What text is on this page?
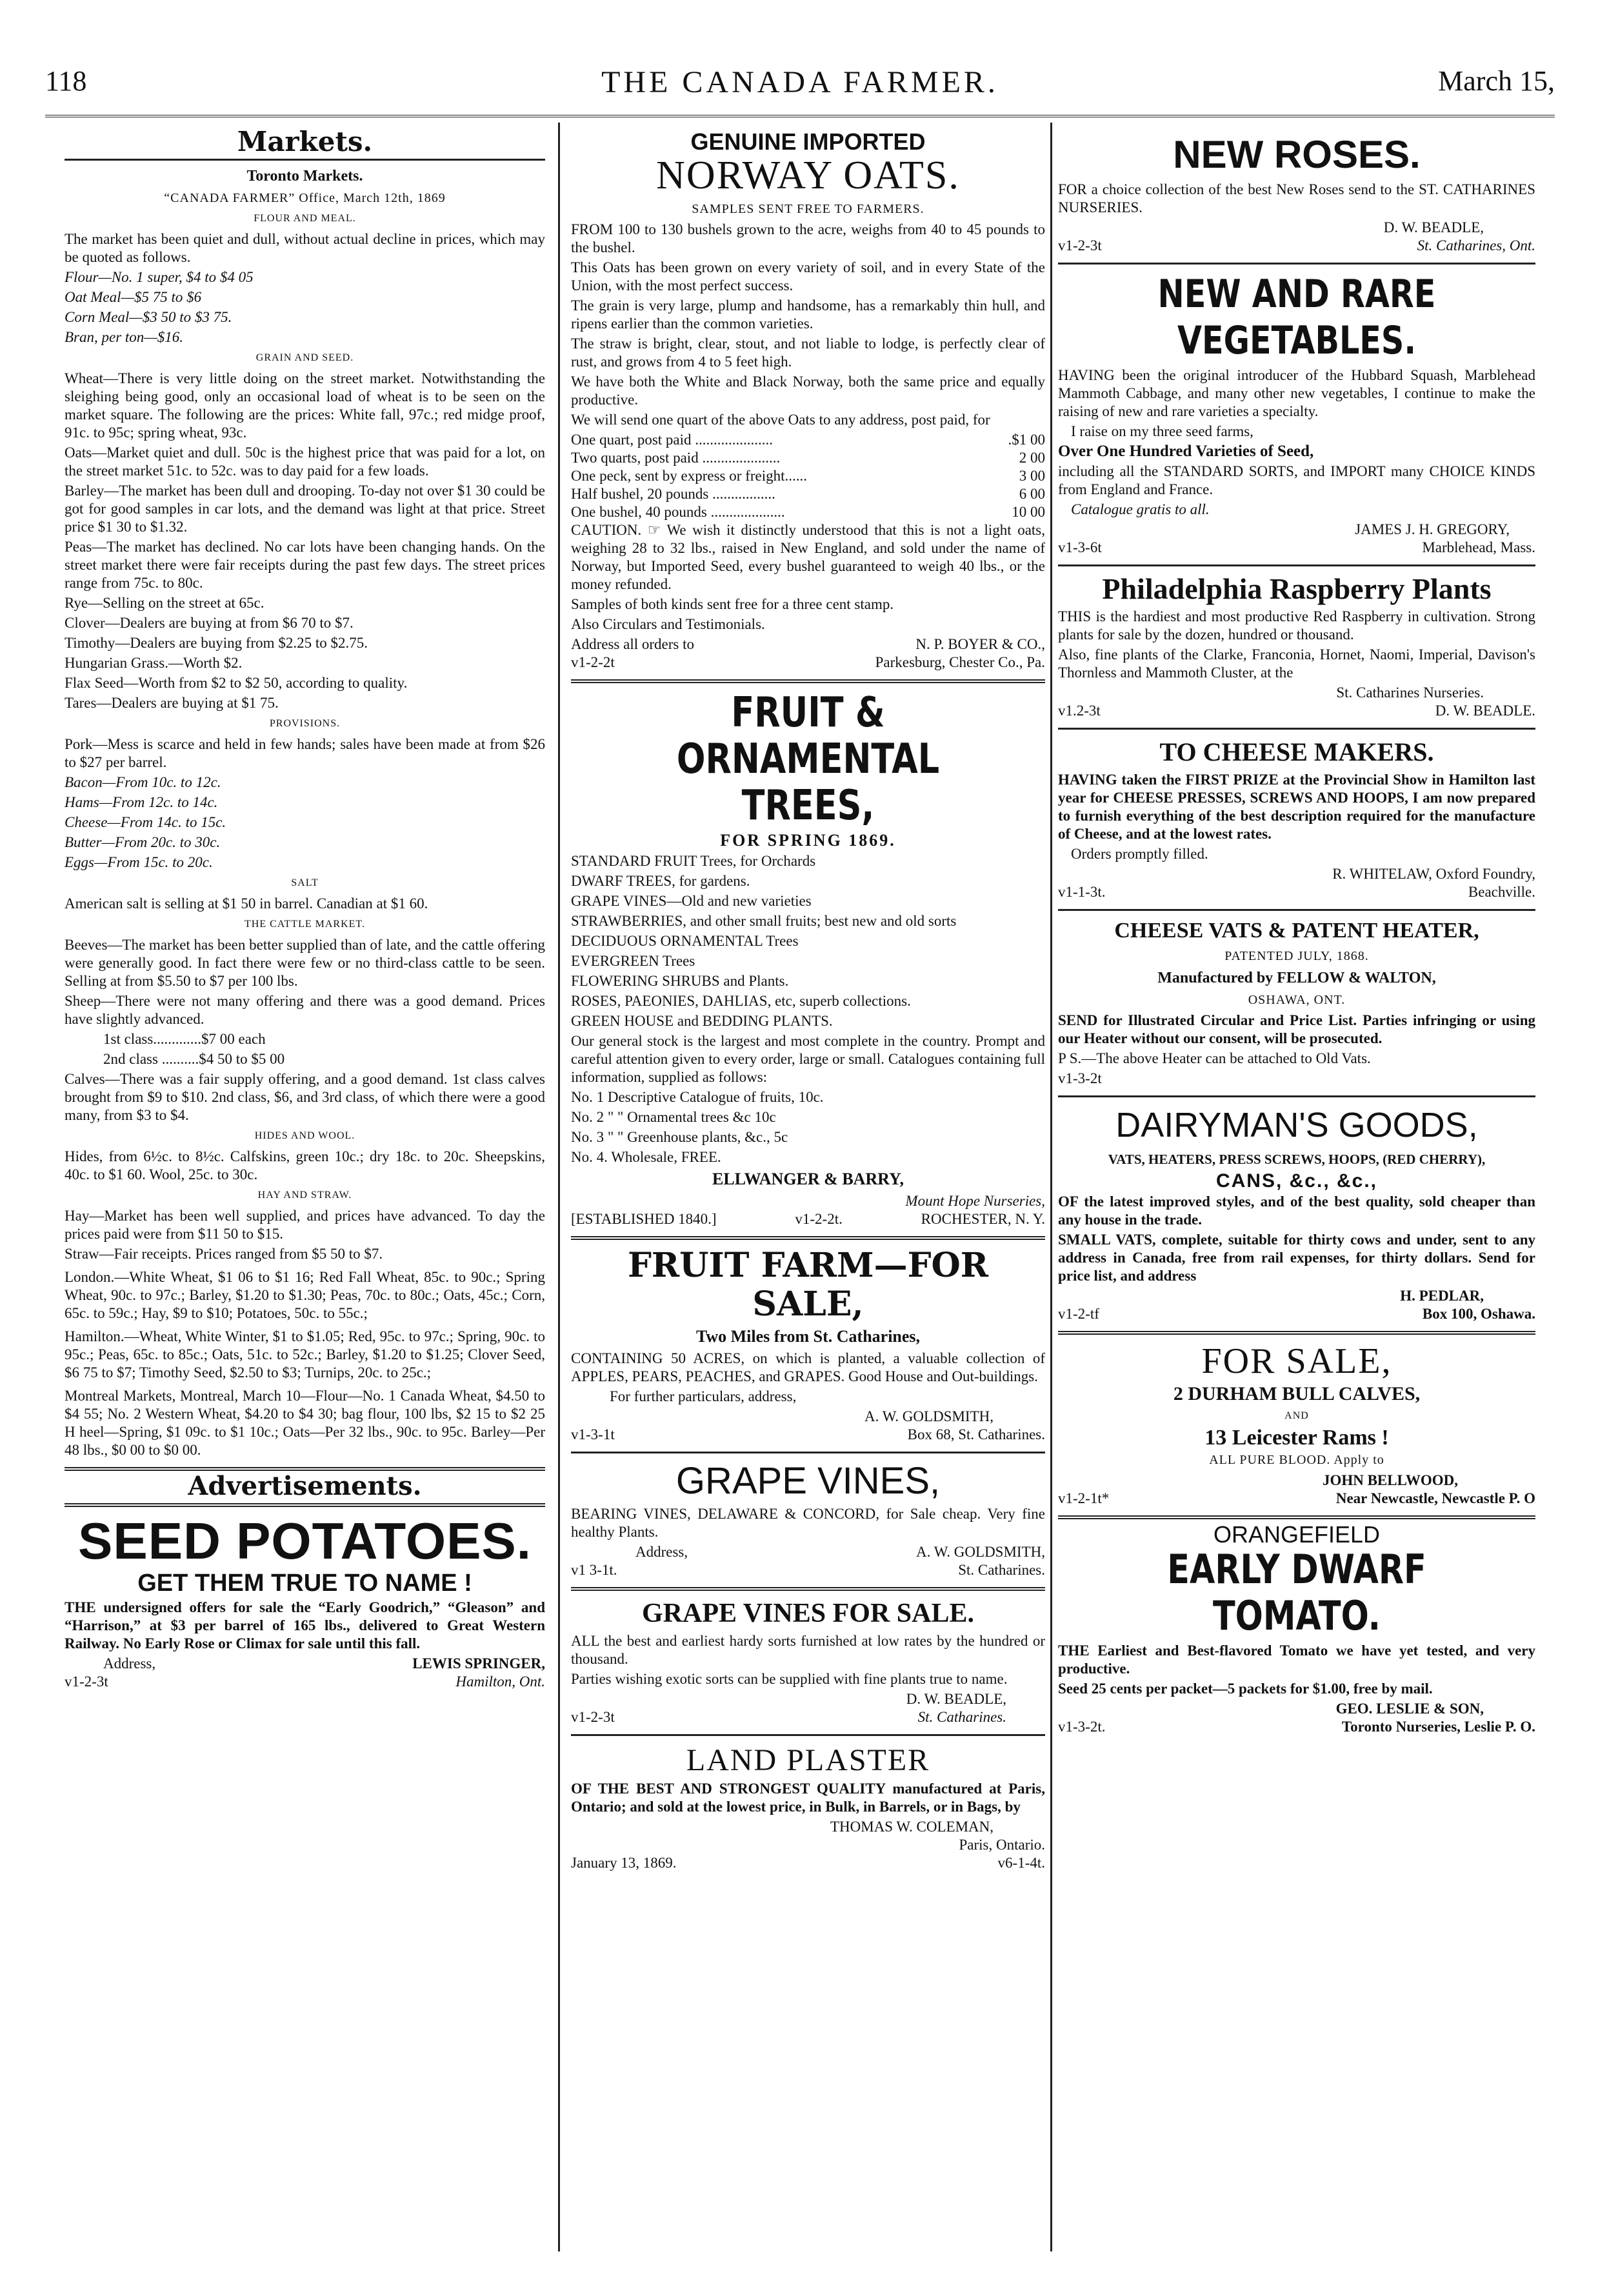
118	THE CANADA FARMER.	March 15,
Markets.
Toronto Markets.
“CANADA FARMER” Office, March 12th, 1869
FLOUR AND MEAL.

The market has been quiet and dull, without actual decline in prices, which may be quoted as follows.

Flour—No. 1 super, $4 to $4 05

Oat Meal—$5 75 to $6

Corn Meal—$3 50 to $3 75.

Bran, per ton—$16.

GRAIN AND SEED.

Wheat—There is very little doing on the street market. Notwithstanding the sleighing being good, only an occasional load of wheat is to be seen on the market square. The following are the prices: White fall, 97c.; red midge proof, 91c. to 95c; spring wheat, 93c.

Oats—Market quiet and dull. 50c is the highest price that was paid for a lot, on the street market 51c. to 52c. was to day paid for a few loads.

Barley—The market has been dull and drooping. To-day not over $1 30 could be got for good samples in car lots, and the demand was light at that price. Street price $1 30 to $1.32.

Peas—The market has declined. No car lots have been changing hands. On the street market there were fair receipts during the past few days. The street prices range from 75c. to 80c.

Rye—Selling on the street at 65c.

Clover—Dealers are buying at from $6 70 to $7.

Timothy—Dealers are buying from $2.25 to $2.75.

Hungarian Grass.—Worth $2.

Flax Seed—Worth from $2 to $2 50, according to quality.

Tares—Dealers are buying at $1 75.

PROVISIONS.

Pork—Mess is scarce and held in few hands; sales have been made at from $26 to $27 per barrel.

Bacon—From 10c. to 12c.

Hams—From 12c. to 14c.

Cheese—From 14c. to 15c.

Butter—From 20c. to 30c.

Eggs—From 15c. to 20c.

SALT

American salt is selling at $1 50 in barrel. Canadian at $1 60.

THE CATTLE MARKET.

Beeves—The market has been better supplied than of late, and the cattle offering were generally good. In fact there were few or no third-class cattle to be seen. Selling at from $5.50 to $7 per 100 lbs.

Sheep—There were not many offering and there was a good demand. Prices have slightly advanced.

1st class.............$7 00 each

2nd class ..........$4 50 to $5 00

Calves—There was a fair supply offering, and a good demand. 1st class calves brought from $9 to $10. 2nd class, $6, and 3rd class, of which there were a good many, from $3 to $4.

HIDES AND WOOL.

Hides, from 6½c. to 8½c. Calfskins, green 10c.; dry 18c. to 20c. Sheepskins, 40c. to $1 60. Wool, 25c. to 30c.

HAY AND STRAW.

Hay—Market has been well supplied, and prices have advanced. To day the prices paid were from $11 50 to $15.

Straw—Fair receipts. Prices ranged from $5 50 to $7.

London.—White Wheat, $1 06 to $1 16; Red Fall Wheat, 85c. to 90c.; Spring Wheat, 90c. to 97c.; Barley, $1.20 to $1.30; Peas, 70c. to 80c.; Oats, 45c.; Corn, 65c. to 59c.; Hay, $9 to $10; Potatoes, 50c. to 55c.;

Hamilton.—Wheat, White Winter, $1 to $1.05; Red, 95c. to 97c.; Spring, 90c. to 95c.; Peas, 65c. to 85c.; Oats, 51c. to 52c.; Barley, $1.20 to $1.25; Clover Seed, $6 75 to $7; Timothy Seed, $2.50 to $3; Turnips, 20c. to 25c.;

Montreal Markets, Montreal, March 10—Flour—No. 1 Canada Wheat, $4.50 to $4 55; No. 2 Western Wheat, $4.20 to $4 30; bag flour, 100 lbs, $2 15 to $2 25 H heel—Spring, $1 09c. to $1 10c.; Oats—Per 32 lbs., 90c. to 95c. Barley—Per 48 lbs., $0 00 to $0 00.

Advertisements.
SEED POTATOES.
GET THEM TRUE TO NAME !

THE undersigned offers for sale the “Early Goodrich,” “Gleason” and “Harrison,” at $3 per barrel of 165 lbs., delivered to Great Western Railway. No Early Rose or Climax for sale until this fall.

Address,	LEWIS SPRINGER,
v1-2-3t	Hamilton, Ont.
GENUINE IMPORTED
NORWAY OATS.
SAMPLES SENT FREE TO FARMERS.

FROM 100 to 130 bushels grown to the acre, weighs from 40 to 45 pounds to the bushel.

This Oats has been grown on every variety of soil, and in every State of the Union, with the most perfect success.

The grain is very large, plump and handsome, has a remarkably thin hull, and ripens earlier than the common varieties.

The straw is bright, clear, stout, and not liable to lodge, is perfectly clear of rust, and grows from 4 to 5 feet high.

We have both the White and Black Norway, both the same price and equally productive.

We will send one quart of the above Oats to any address, post paid, for

One quart, post paid .....................	.$1 00
Two quarts, post paid .....................	2 00
One peck, sent by express or freight......	3 00
Half bushel, 20 pounds .................	6 00
One bushel, 40 pounds ....................	10 00

CAUTION. ☞ We wish it distinctly understood that this is not a light oats, weighing 28 to 32 lbs., raised in New England, and sold under the name of Norway, but Imported Seed, every bushel guaranteed to weigh 40 lbs., or the money refunded.

Samples of both kinds sent free for a three cent stamp.

Also Circulars and Testimonials.

Address all orders to	N. P. BOYER & CO.,
v1-2-2t	Parkesburg, Chester Co., Pa.
FRUIT & ORNAMENTAL TREES,
FOR SPRING 1869.

STANDARD FRUIT Trees, for Orchards

DWARF TREES, for gardens.

GRAPE VINES—Old and new varieties

STRAWBERRIES, and other small fruits; best new and old sorts

DECIDUOUS ORNAMENTAL Trees

EVERGREEN Trees

FLOWERING SHRUBS and Plants.

ROSES, PAEONIES, DAHLIAS, etc, superb collections.

GREEN HOUSE and BEDDING PLANTS.

Our general stock is the largest and most complete in the country. Prompt and careful attention given to every order, large or small. Catalogues containing full information, supplied as follows:

No. 1 Descriptive Catalogue of fruits, 10c.

No. 2 " " Ornamental trees &c 10c

No. 3 " " Greenhouse plants, &c., 5c

No. 4. Wholesale, FREE.

ELLWANGER & BARRY,
Mount Hope Nurseries,
[ESTABLISHED 1840.]	v1-2-2t.	ROCHESTER, N. Y.
FRUIT FARM—FOR SALE,
Two Miles from St. Catharines,

CONTAINING 50 ACRES, on which is planted, a valuable collection of APPLES, PEARS, PEACHES, and GRAPES. Good House and Out-buildings.

For further particulars, address,

A. W. GOLDSMITH,
v1-3-1t	Box 68, St. Catharines.
GRAPE VINES,

BEARING VINES, DELAWARE & CONCORD, for Sale cheap. Very fine healthy Plants.

Address,	A. W. GOLDSMITH,
v1 3-1t.	St. Catharines.
GRAPE VINES FOR SALE.

ALL the best and earliest hardy sorts furnished at low rates by the hundred or thousand.

Parties wishing exotic sorts can be supplied with fine plants true to name.

D. W. BEADLE,
v1-2-3t	St. Catharines.
LAND PLASTER

OF THE BEST AND STRONGEST QUALITY manufactured at Paris, Ontario; and sold at the lowest price, in Bulk, in Barrels, or in Bags, by

THOMAS W. COLEMAN,
Paris, Ontario.
January 13, 1869.	v6-1-4t.
NEW ROSES.

FOR a choice collection of the best New Roses send to the ST. CATHARINES NURSERIES.

D. W. BEADLE,
v1-2-3t	St. Catharines, Ont.
NEW AND RARE VEGETABLES.

HAVING been the original introducer of the Hubbard Squash, Marblehead Mammoth Cabbage, and many other new vegetables, I continue to make the raising of new and rare varieties a specialty.

I raise on my three seed farms,

Over One Hundred Varieties of Seed,

including all the STANDARD SORTS, and IMPORT many CHOICE KINDS from England and France.

Catalogue gratis to all.

JAMES J. H. GREGORY,
v1-3-6t	Marblehead, Mass.
Philadelphia Raspberry Plants

THIS is the hardiest and most productive Red Raspberry in cultivation. Strong plants for sale by the dozen, hundred or thousand.

Also, fine plants of the Clarke, Franconia, Hornet, Naomi, Imperial, Davison's Thornless and Mammoth Cluster, at the

St. Catharines Nurseries.
v1.2-3t	D. W. BEADLE.
TO CHEESE MAKERS.

HAVING taken the FIRST PRIZE at the Provincial Show in Hamilton last year for CHEESE PRESSES, SCREWS AND HOOPS, I am now prepared to furnish everything of the best description required for the manufacture of Cheese, and at the lowest rates.

Orders promptly filled.

R. WHITELAW, Oxford Foundry,
v1-1-3t.	Beachville.
CHEESE VATS & PATENT HEATER,
PATENTED JULY, 1868.
Manufactured by FELLOW & WALTON,
OSHAWA, ONT.

SEND for Illustrated Circular and Price List. Parties infringing or using our Heater without our consent, will be prosecuted.

P S.—The above Heater can be attached to Old Vats.

v1-3-2t

DAIRYMAN'S GOODS,
VATS, HEATERS, PRESS SCREWS, HOOPS, (RED CHERRY),
CANS, &c., &c.,

OF the latest improved styles, and of the best quality, sold cheaper than any house in the trade.

SMALL VATS, complete, suitable for thirty cows and under, sent to any address in Canada, free from rail expenses, for thirty dollars. Send for price list, and address

H. PEDLAR,
v1-2-tf	Box 100, Oshawa.
FOR SALE,
2 DURHAM BULL CALVES,
AND
13 Leicester Rams !
ALL PURE BLOOD. Apply to
JOHN BELLWOOD,
v1-2-1t*	Near Newcastle, Newcastle P. O
ORANGEFIELD
EARLY DWARF TOMATO.

THE Earliest and Best-flavored Tomato we have yet tested, and very productive.

Seed 25 cents per packet—5 packets for $1.00, free by mail.

GEO. LESLIE & SON,
v1-3-2t.	Toronto Nurseries, Leslie P. O.
